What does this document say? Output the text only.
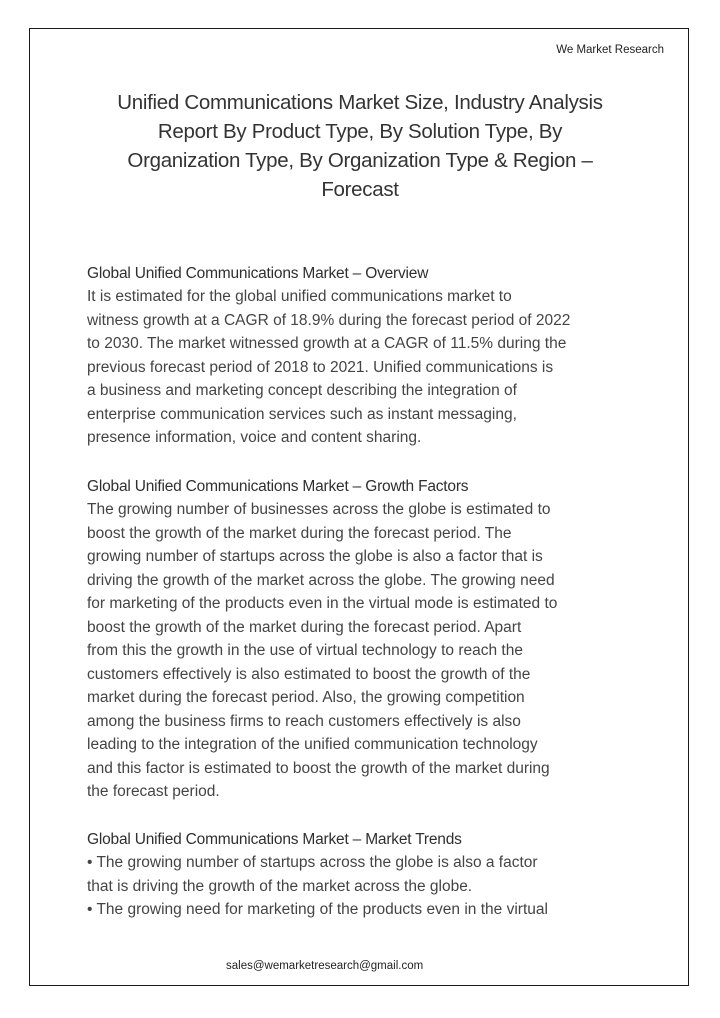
We Market Research
Unified Communications Market Size, Industry Analysis
Report By Product Type, By Solution Type, By
Organization Type, By Organization Type & Region –
Forecast
Global Unified Communications Market – Overview
It is estimated for the global unified communications market to
witness growth at a CAGR of 18.9% during the forecast period of 2022
to 2030. The market witnessed growth at a CAGR of 11.5% during the
previous forecast period of 2018 to 2021. Unified communications is
a business and marketing concept describing the integration of
enterprise communication services such as instant messaging,
presence information, voice and content sharing.
Global Unified Communications Market – Growth Factors
The growing number of businesses across the globe is estimated to
boost the growth of the market during the forecast period. The
growing number of startups across the globe is also a factor that is
driving the growth of the market across the globe. The growing need
for marketing of the products even in the virtual mode is estimated to
boost the growth of the market during the forecast period. Apart
from this the growth in the use of virtual technology to reach the
customers effectively is also estimated to boost the growth of the
market during the forecast period. Also, the growing competition
among the business firms to reach customers effectively is also
leading to the integration of the unified communication technology
and this factor is estimated to boost the growth of the market during
the forecast period.
Global Unified Communications Market – Market Trends
• The growing number of startups across the globe is also a factor
that is driving the growth of the market across the globe.
• The growing need for marketing of the products even in the virtual
sales@wemarketresearch@gmail.com
